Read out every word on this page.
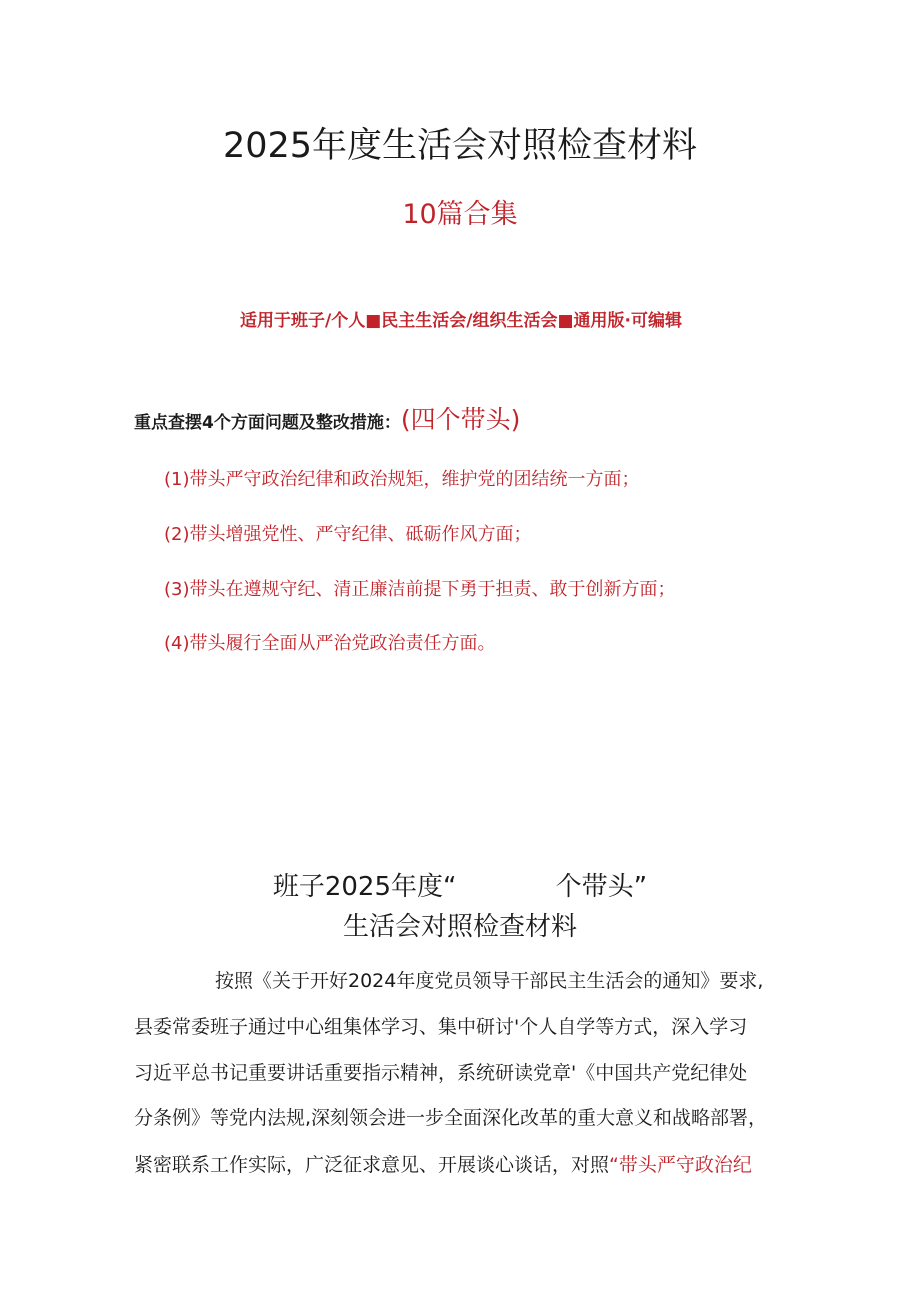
2025年度生活会对照检查材料
10篇合集
适用于班子/个人■民主生活会/组织生活会■通用版·可编辑
重点查摆4个方面问题及整改措施：(四个带头)
(1)带头严守政治纪律和政治规矩，维护党的团结统一方面；
(2)带头增强党性、严守纪律、砥砺作风方面；
(3)带头在遵规守纪、清正廉洁前提下勇于担责、敢于创新方面；
(4)带头履行全面从严治党政治责任方面。
班子2025年度“            个带头”
生活会对照检查材料
按照《关于开好2024年度党员领导干部民主生活会的通知》要求,
县委常委班子通过中心组集体学习、集中研讨'个人自学等方式，深入学习
习近平总书记重要讲话重要指示精神，系统研读党章'《中国共产党纪律处
分条例》等党内法规,深刻领会进一步全面深化改革的重大意义和战略部署，
紧密联系工作实际，广泛征求意见、开展谈心谈话，对照“带头严守政治纪
